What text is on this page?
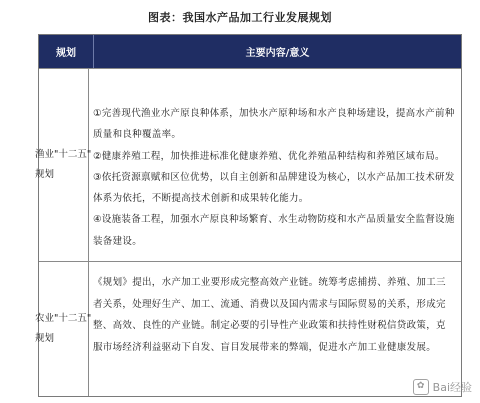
图表：我国水产品加工行业发展规划
规划	主要内容/意义
渔业"十二五"
规划

①完善现代渔业水产原良种体系，加快水产原种场和水产良种场建设，提高水产前种质量和良种覆盖率。

②健康养殖工程，加快推进标准化健康养殖、优化养殖品种结构和养殖区域布局。

③依托资源禀赋和区位优势，以自主创新和品牌建设为核心，以水产品加工技术研发体系为依托，不断提高技术创新和成果转化能力。

④设施装备工程，加强水产原良种场繁育、水生动物防疫和水产品质量安全监督设施装备建设。

农业"十二五"
规划

《规划》提出，水产加工业要形成完整高效产业链。统筹考虑捕捞、养殖、加工三者关系，处理好生产、加工、流通、消费以及国内需求与国际贸易的关系，形成完整、高效、良性的产业链。制定必要的引导性产业政策和扶持性财税信贷政策，克服市场经济利益驱动下自发、盲目发展带来的弊端，促进水产加工业健康发展。

✿ Bai经验
